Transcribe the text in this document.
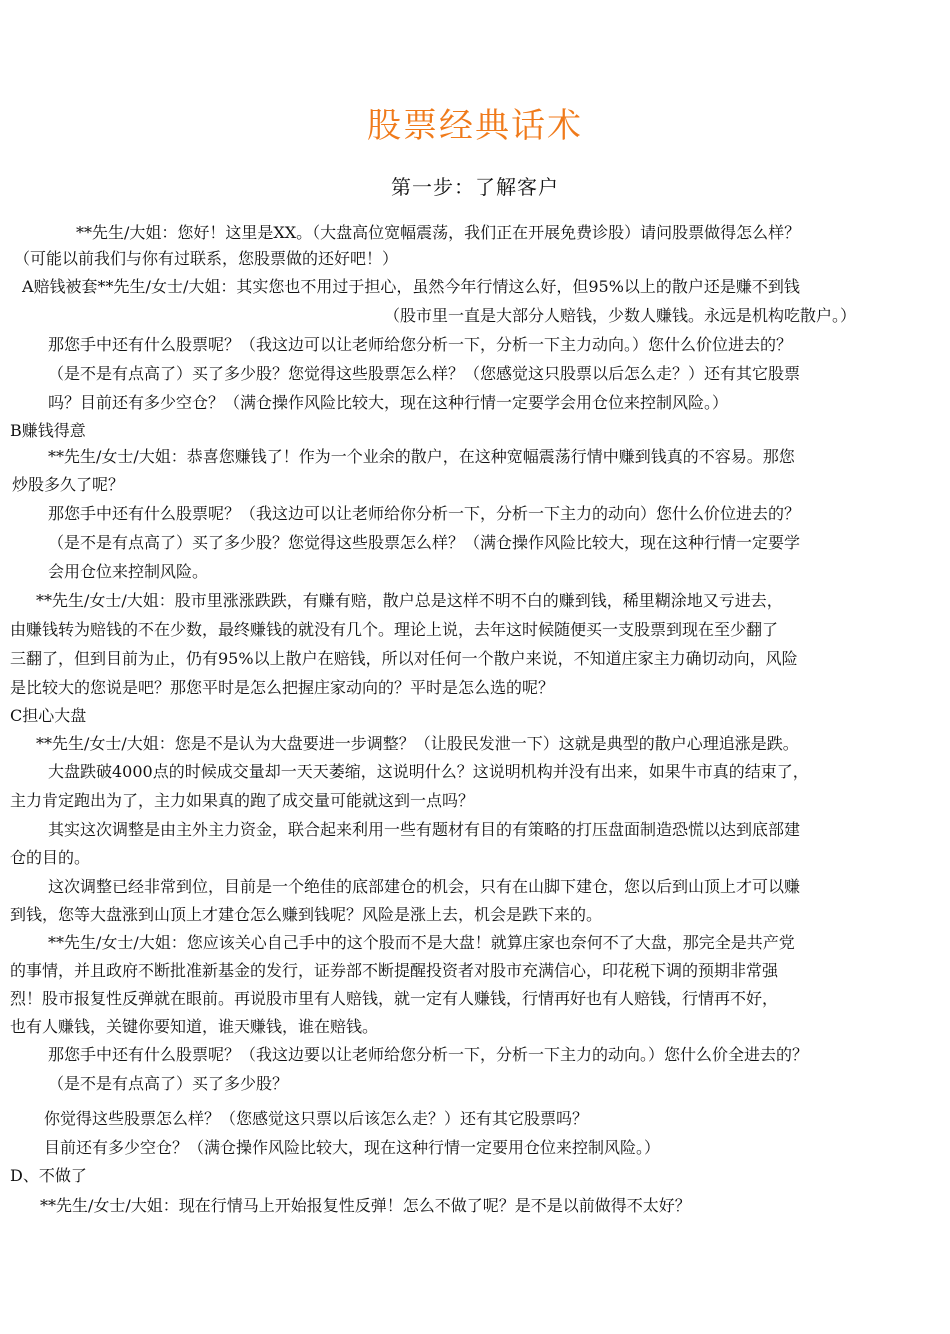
股票经典话术
第一步：了解客户
**先生/大姐：您好！这里是XX。（大盘高位宽幅震荡，我们正在开展免费诊股）请问股票做得怎么样？
（可能以前我们与你有过联系，您股票做的还好吧！）
A赔钱被套**先生/女士/大姐：其实您也不用过于担心，虽然今年行情这么好，但95%以上的散户还是赚不到钱
（股市里一直是大部分人赔钱，少数人赚钱。永远是机构吃散户。）
那您手中还有什么股票呢？（我这边可以让老师给您分析一下，分析一下主力动向。）您什么价位进去的？
（是不是有点高了）买了多少股？您觉得这些股票怎么样？（您感觉这只股票以后怎么走？）还有其它股票
吗？目前还有多少空仓？（满仓操作风险比较大，现在这种行情一定要学会用仓位来控制风险。）
B赚钱得意
**先生/女士/大姐：恭喜您赚钱了！作为一个业余的散户，在这种宽幅震荡行情中赚到钱真的不容易。那您
炒股多久了呢？
那您手中还有什么股票呢？（我这边可以让老师给你分析一下，分析一下主力的动向）您什么价位进去的？
（是不是有点高了）买了多少股？您觉得这些股票怎么样？（满仓操作风险比较大，现在这种行情一定要学
会用仓位来控制风险。
**先生/女士/大姐：股市里涨涨跌跌，有赚有赔，散户总是这样不明不白的赚到钱，稀里糊涂地又亏进去，
由赚钱转为赔钱的不在少数，最终赚钱的就没有几个。理论上说，去年这时候随便买一支股票到现在至少翻了
三翻了，但到目前为止，仍有95%以上散户在赔钱，所以对任何一个散户来说，不知道庄家主力确切动向，风险
是比较大的您说是吧？那您平时是怎么把握庄家动向的？平时是怎么选的呢？
C担心大盘
**先生/女士/大姐：您是不是认为大盘要进一步调整？（让股民发泄一下）这就是典型的散户心理追涨是跌。
大盘跌破4000点的时候成交量却一天天萎缩，这说明什么？这说明机构并没有出来，如果牛市真的结束了，
主力肯定跑出为了，主力如果真的跑了成交量可能就这到一点吗？
其实这次调整是由主外主力资金，联合起来利用一些有题材有目的有策略的打压盘面制造恐慌以达到底部建
仓的目的。
这次调整已经非常到位，目前是一个绝佳的底部建仓的机会，只有在山脚下建仓，您以后到山顶上才可以赚
到钱，您等大盘涨到山顶上才建仓怎么赚到钱呢？风险是涨上去，机会是跌下来的。
**先生/女士/大姐：您应该关心自己手中的这个股而不是大盘！就算庄家也奈何不了大盘，那完全是共产党
的事情，并且政府不断批准新基金的发行，证券部不断提醒投资者对股市充满信心，印花税下调的预期非常强
烈！股市报复性反弹就在眼前。再说股市里有人赔钱，就一定有人赚钱，行情再好也有人赔钱，行情再不好，
也有人赚钱，关键你要知道，谁天赚钱，谁在赔钱。
那您手中还有什么股票呢？（我这边要以让老师给您分析一下，分析一下主力的动向。）您什么价全进去的？
（是不是有点高了）买了多少股？
你觉得这些股票怎么样？（您感觉这只票以后该怎么走？）还有其它股票吗？
目前还有多少空仓？（满仓操作风险比较大，现在这种行情一定要用仓位来控制风险。）
D、不做了
**先生/女士/大姐：现在行情马上开始报复性反弹！怎么不做了呢？是不是以前做得不太好？
